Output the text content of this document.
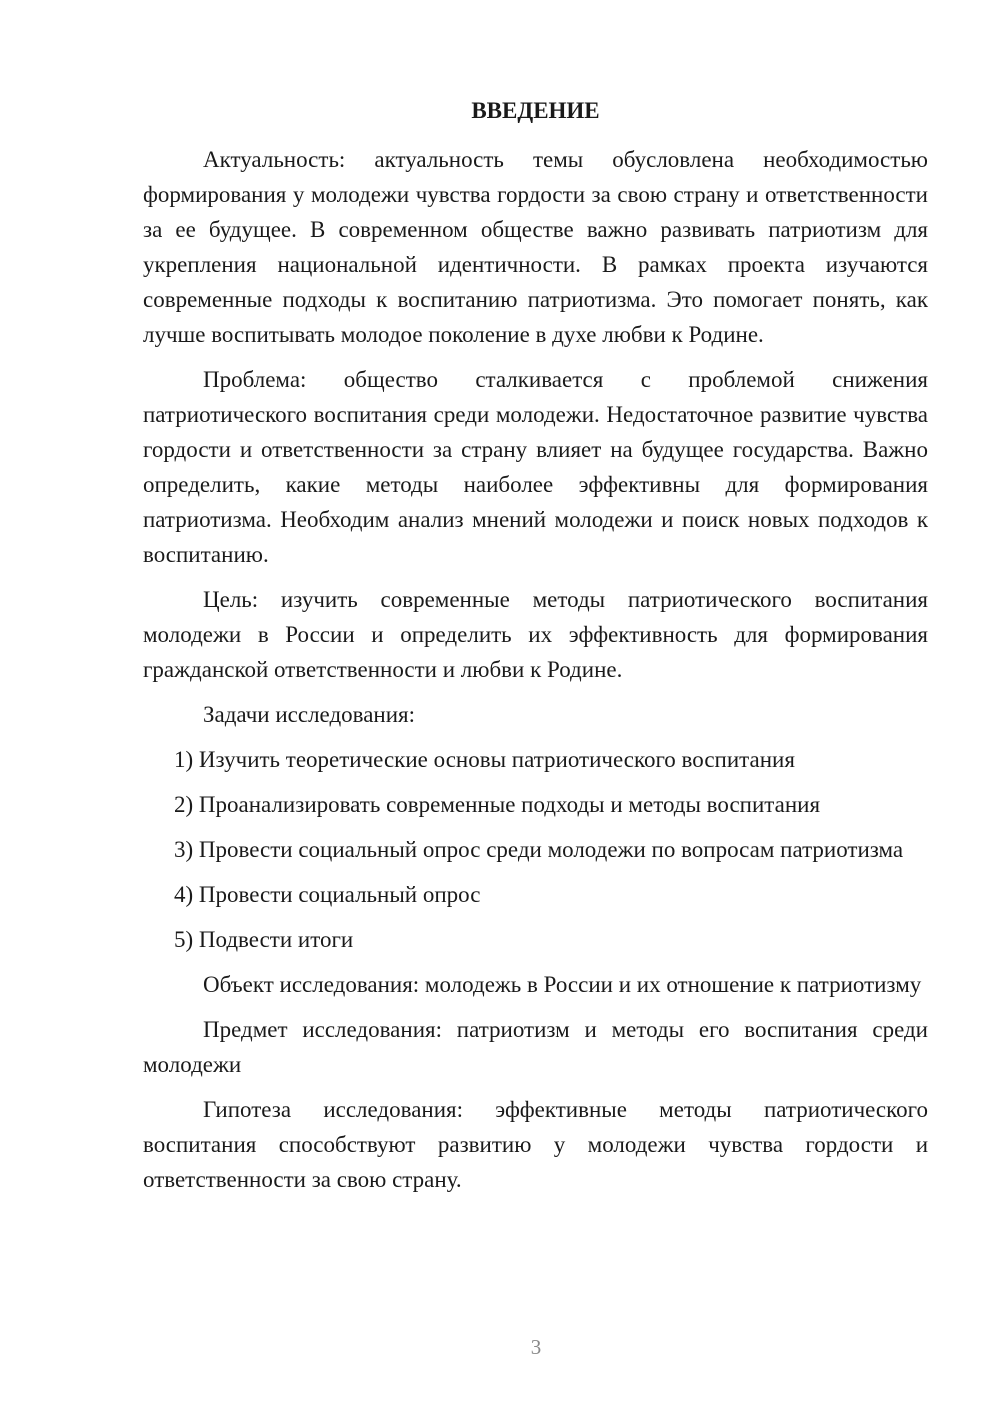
ВВЕДЕНИЕ

Актуальность: актуальность темы обусловлена необходимостью формирования у молодежи чувства гордости за свою страну и ответственности за ее будущее. В современном обществе важно развивать патриотизм для укрепления национальной идентичности. В рамках проекта изучаются современные подходы к воспитанию патриотизма. Это помогает понять, как лучше воспитывать молодое поколение в духе любви к Родине.

Проблема: общество сталкивается с проблемой снижения патриотического воспитания среди молодежи. Недостаточное развитие чувства гордости и ответственности за страну влияет на будущее государства. Важно определить, какие методы наиболее эффективны для формирования патриотизма. Необходим анализ мнений молодежи и поиск новых подходов к воспитанию.

Цель: изучить современные методы патриотического воспитания молодежи в России и определить их эффективность для формирования гражданской ответственности и любви к Родине.

Задачи исследования:

1) Изучить теоретические основы патриотического воспитания

2) Проанализировать современные подходы и методы воспитания

3) Провести социальный опрос среди молодежи по вопросам патриотизма

4) Провести социальный опрос

5) Подвести итоги

Объект исследования: молодежь в России и их отношение к патриотизму

Предмет исследования: патриотизм и методы его воспитания среди молодежи

Гипотеза исследования: эффективные методы патриотического воспитания способствуют развитию у молодежи чувства гордости и ответственности за свою страну.

3
